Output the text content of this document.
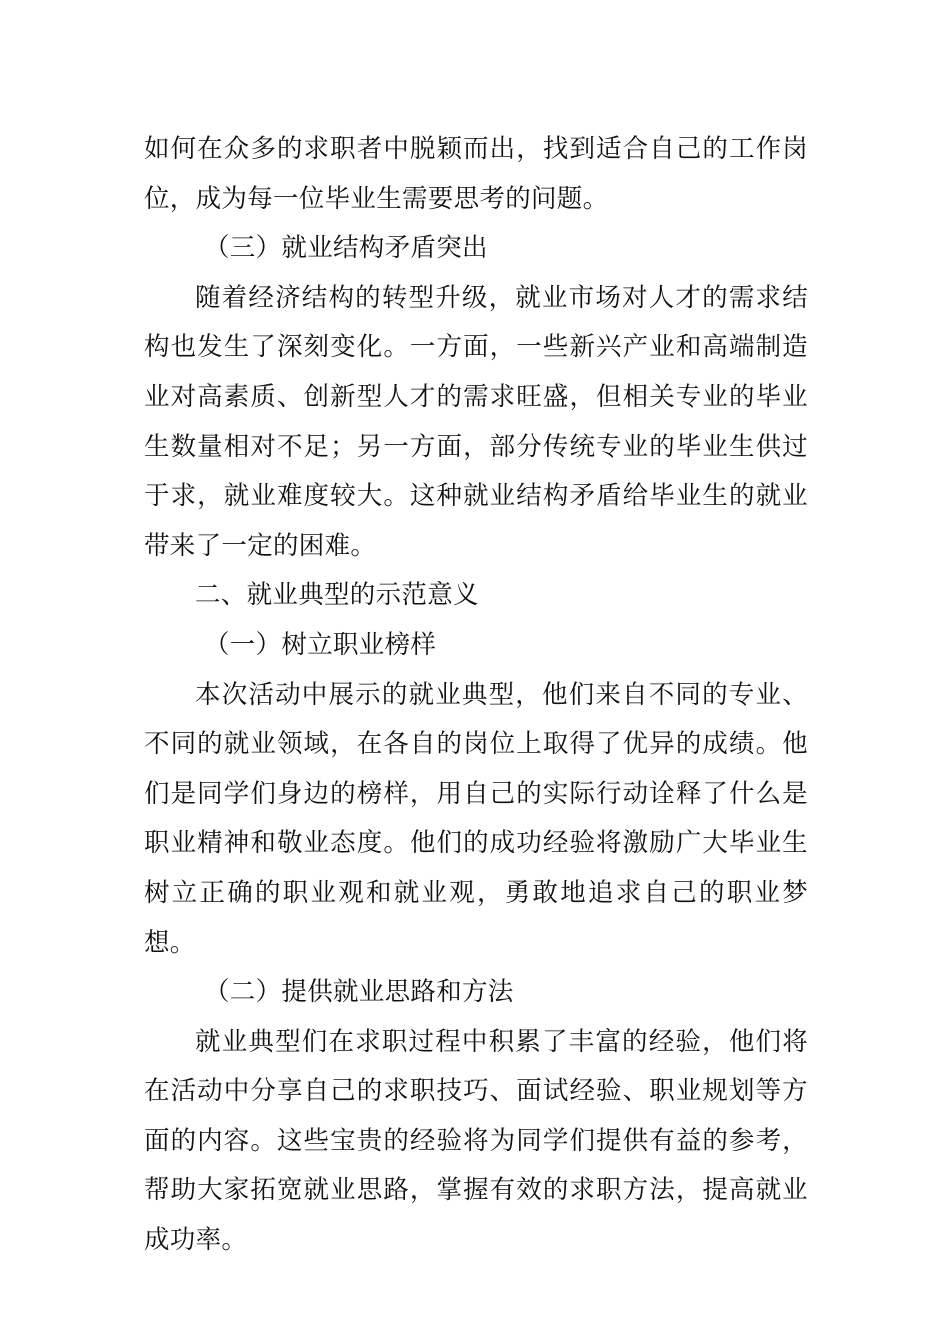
如何在众多的求职者中脱颖而出，找到适合自己的工作岗位，成为每一位毕业生需要思考的问题。

（三）就业结构矛盾突出

随着经济结构的转型升级，就业市场对人才的需求结构也发生了深刻变化。一方面，一些新兴产业和高端制造业对高素质、创新型人才的需求旺盛，但相关专业的毕业生数量相对不足；另一方面，部分传统专业的毕业生供过于求，就业难度较大。这种就业结构矛盾给毕业生的就业带来了一定的困难。

二、就业典型的示范意义

（一）树立职业榜样

本次活动中展示的就业典型，他们来自不同的专业、不同的就业领域，在各自的岗位上取得了优异的成绩。他们是同学们身边的榜样，用自己的实际行动诠释了什么是职业精神和敬业态度。他们的成功经验将激励广大毕业生树立正确的职业观和就业观，勇敢地追求自己的职业梦想。

（二）提供就业思路和方法

就业典型们在求职过程中积累了丰富的经验，他们将在活动中分享自己的求职技巧、面试经验、职业规划等方面的内容。这些宝贵的经验将为同学们提供有益的参考，帮助大家拓宽就业思路，掌握有效的求职方法，提高就业成功率。
